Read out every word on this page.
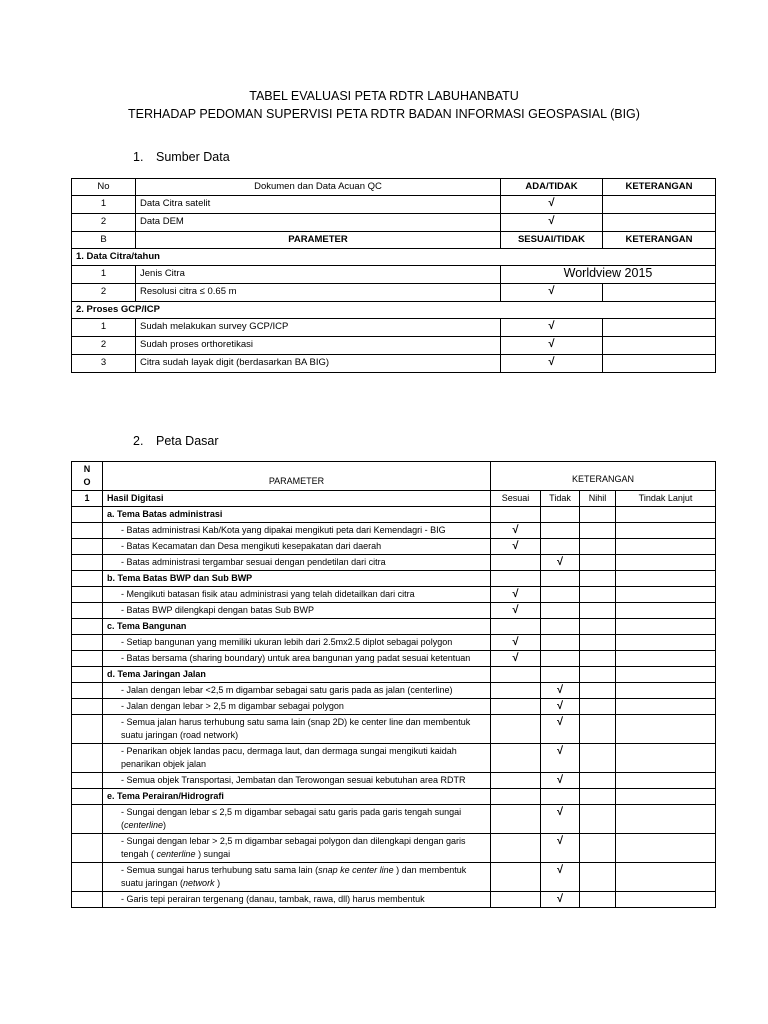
TABEL EVALUASI PETA RDTR LABUHANBATU
TERHADAP PEDOMAN SUPERVISI PETA RDTR BADAN INFORMASI GEOSPASIAL (BIG)
1. Sumber Data
No	Dokumen dan Data Acuan QC	ADA/TIDAK	KETERANGAN
1	Data Citra satelit	√	
2	Data DEM	√	
B	PARAMETER	SESUAI/TIDAK	KETERANGAN
1. Data Citra/tahun			
1	Jenis Citra	Worldview 2015	
2	Resolusi citra ≤ 0.65 m	√	
2. Proses GCP/ICP			
1	Sudah melakukan survey GCP/ICP	√	
2	Sudah proses orthoretikasi	√	
3	Citra sudah layak digit (berdasarkan BA BIG)	√	
2. Peta Dasar
N
O	PARAMETER	KETERANGAN			

1	Hasil Digitasi	Sesuai	Tidak	Nihil	Tindak Lanjut
	a. Tema Batas administrasi				
	- Batas administrasi Kab/Kota yang dipakai mengikuti peta dari Kemendagri - BIG	√			
	- Batas Kecamatan dan Desa mengikuti kesepakatan dari daerah	√			
	- Batas administrasi tergambar sesuai dengan pendetilan dari citra		√		
	b. Tema Batas BWP dan Sub BWP				
	- Mengikuti batasan fisik atau administrasi yang telah didetailkan dari citra	√			
	- Batas BWP dilengkapi dengan batas Sub BWP	√			
	c. Tema Bangunan				
	- Setiap bangunan yang memiliki ukuran lebih dari 2.5mx2.5 diplot sebagai polygon	√			
	- Batas bersama (sharing boundary) untuk area bangunan yang padat sesuai ketentuan	√			
	d. Tema Jaringan Jalan				
	- Jalan dengan lebar <2,5 m digambar sebagai satu garis pada as jalan (centerline)		√		
	- Jalan dengan lebar > 2,5 m digambar sebagai polygon		√		
	- Semua jalan harus terhubung satu sama lain (snap 2D) ke center line dan membentuk suatu jaringan (road network)		√		
	- Penarikan objek landas pacu, dermaga laut, dan dermaga sungai mengikuti kaidah penarikan objek jalan		√		
	- Semua objek Transportasi, Jembatan dan Terowongan sesuai kebutuhan area RDTR		√		
	e. Tema Perairan/Hidrografi				
	- Sungai dengan lebar ≤ 2,5 m digambar sebagai satu garis pada garis tengah sungai (centerline)		√		
	- Sungai dengan lebar > 2,5 m digambar sebagai polygon dan dilengkapi dengan garis tengah ( centerline ) sungai		√		
	- Semua sungai harus terhubung satu sama lain (snap ke center line ) dan membentuk suatu jaringan (network )		√		
	- Garis tepi perairan tergenang (danau, tambak, rawa, dll) harus membentuk		√		
